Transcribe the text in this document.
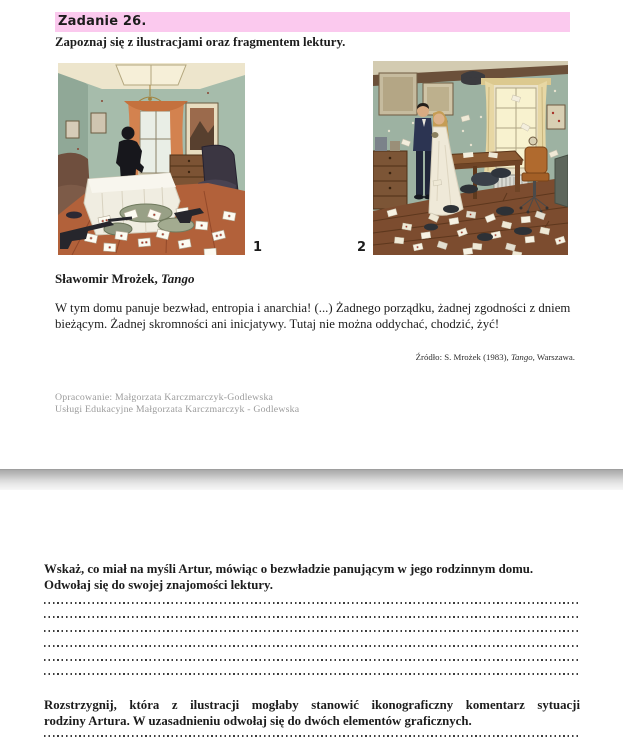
Zadanie 26.

Zapoznaj się z ilustracjami oraz fragmentem lektury.

1	2

Sławomir Mrożek, Tango

W tym domu panuje bezwład, entropia i anarchia! (...) Żadnego porządku, żadnej zgodności z dniem bieżącym. Żadnej skromności ani inicjatywy. Tutaj nie można oddychać, chodzić, żyć!

Źródło: S. Mrożek (1983), Tango, Warszawa.

Opracowanie: Małgorzata Karczmarczyk-Godlewska
Usługi Edukacyjne Małgorzata Karczmarczyk - Godlewska

Wskaż, co miał na myśli Artur, mówiąc o bezwładzie panującym w jego rodzinnym domu.
Odwołaj się do swojej znajomości lektury.

Rozstrzygnij, która z ilustracji mogłaby stanowić ikonograficzny komentarz sytuacji
rodziny Artura. W uzasadnieniu odwołaj się do dwóch elementów graficznych.
